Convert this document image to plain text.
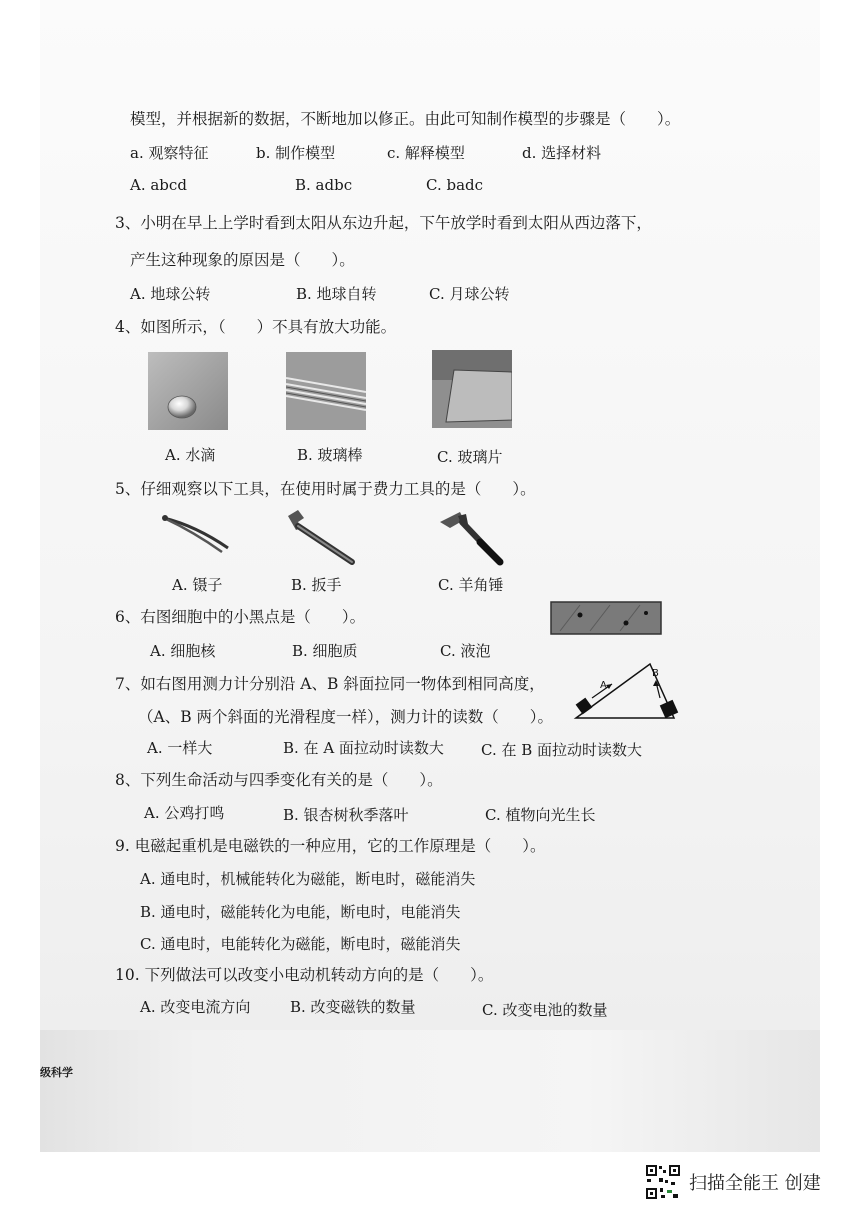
模型，并根据新的数据，不断地加以修正。由此可知制作模型的步骤是（　　）。
a. 观察特征	b. 制作模型	c. 解释模型	d. 选择材料
A. abcd	B. adbc	C. badc
3、小明在早上上学时看到太阳从东边升起，下午放学时看到太阳从西边落下，
产生这种现象的原因是（　　）。
A. 地球公转	B. 地球自转	C. 月球公转
4、如图所示，（　　）不具有放大功能。
A. 水滴	B. 玻璃棒	C. 玻璃片
5、仔细观察以下工具，在使用时属于费力工具的是（　　）。
A. 镊子	B. 扳手	C. 羊角锤
6、右图细胞中的小黑点是（　　）。
A. 细胞核	B. 细胞质	C. 液泡
7、如右图用测力计分别沿 A、B 斜面拉同一物体到相同高度，
（A、B 两个斜面的光滑程度一样），测力计的读数（　　）。
A
B
A. 一样大	B. 在 A 面拉动时读数大 C. 在 B 面拉动时读数大
8、下列生命活动与四季变化有关的是（　　）。
A. 公鸡打鸣	B. 银杏树秋季落叶	C. 植物向光生长
9. 电磁起重机是电磁铁的一种应用，它的工作原理是（　　）。
A. 通电时，机械能转化为磁能，断电时，磁能消失
B. 通电时，磁能转化为电能，断电时，电能消失
C. 通电时，电能转化为磁能，断电时，磁能消失
10. 下列做法可以改变小电动机转动方向的是（　　）。
A. 改变电流方向	B. 改变磁铁的数量	C. 改变电池的数量
级科学
扫描全能王 创建
